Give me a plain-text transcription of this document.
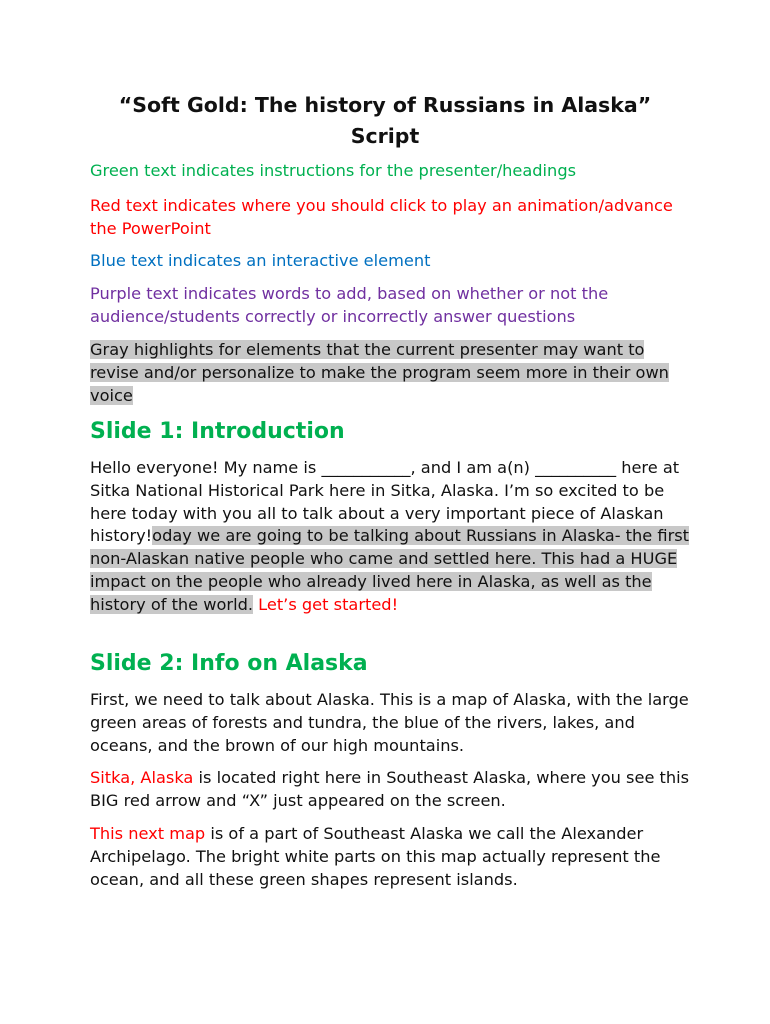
“Soft Gold: The history of Russians in Alaska”
Script

Green text indicates instructions for the presenter/headings

Red text indicates where you should click to play an animation/advance the PowerPoint

Blue text indicates an interactive element

Purple text indicates words to add, based on whether or not the audience/students correctly or incorrectly answer questions

Gray highlights for elements that the current presenter may want to revise and/or personalize to make the program seem more in their own voice

Slide 1: Introduction

Hello everyone! My name is ___________, and I am a(n) __________ here at Sitka National Historical Park here in Sitka, Alaska. I’m so excited to be here today with you all to talk about a very important piece of Alaskan history!oday we are going to be talking about Russians in Alaska- the first non-Alaskan native people who came and settled here. This had a HUGE impact on the people who already lived here in Alaska, as well as the history of the world. Let’s get started!

Slide 2: Info on Alaska

First, we need to talk about Alaska. This is a map of Alaska, with the large green areas of forests and tundra, the blue of the rivers, lakes, and oceans, and the brown of our high mountains.

Sitka, Alaska is located right here in Southeast Alaska, where you see this BIG red arrow and “X” just appeared on the screen.

This next map is of a part of Southeast Alaska we call the Alexander Archipelago. The bright white parts on this map actually represent the ocean, and all these green shapes represent islands.
